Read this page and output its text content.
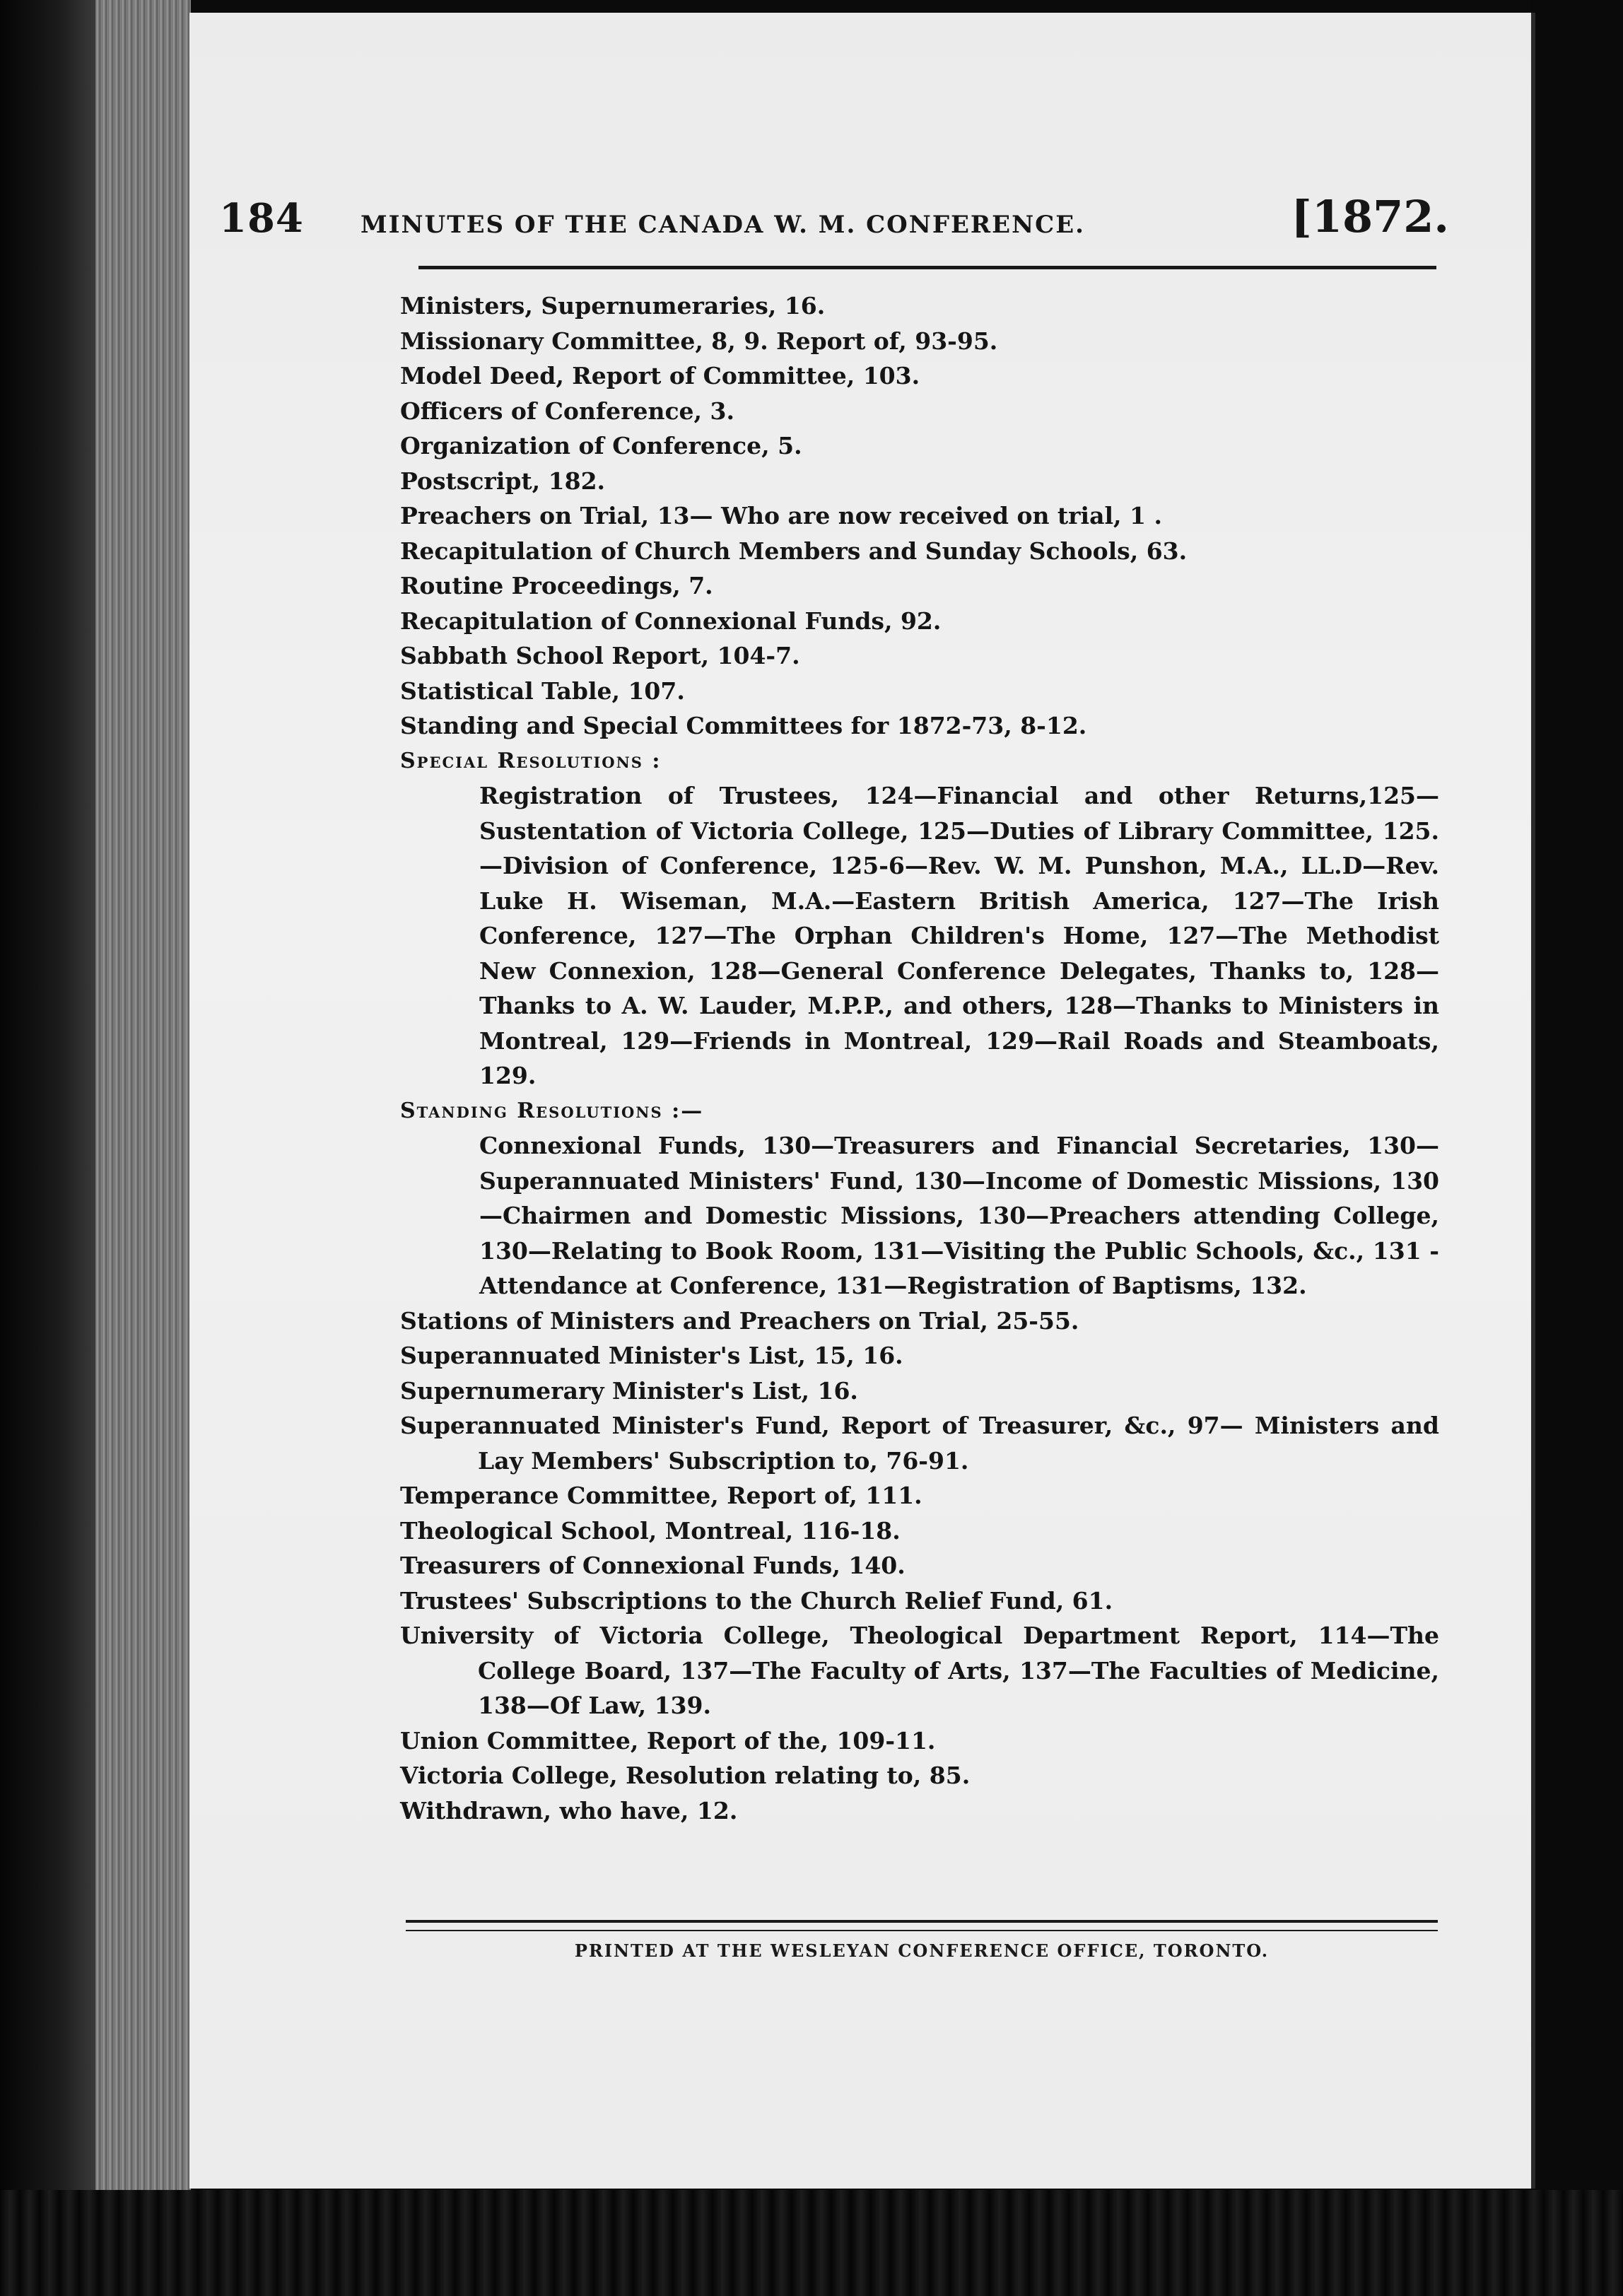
184 MINUTES OF THE CANADA W. M. CONFERENCE.	[1872.

Ministers, Supernumeraries, 16.

Missionary Committee, 8, 9. Report of, 93-95.

Model Deed, Report of Committee, 103.

Officers of Conference, 3.

Organization of Conference, 5.

Postscript, 182.

Preachers on Trial, 13— Who are now received on trial, 1 .

Recapitulation of Church Members and Sunday Schools, 63.

Routine Proceedings, 7.

Recapitulation of Connexional Funds, 92.

Sabbath School Report, 104-7.

Statistical Table, 107.

Standing and Special Committees for 1872-73, 8-12.

Special Resolutions :

Registration of Trustees, 124—Financial and other Returns,125—Sustentation of Victoria College, 125—Duties of Library Committee, 125.—Division of Conference, 125-6—Rev. W. M. Punshon, M.A., LL.D—Rev. Luke H. Wiseman, M.A.—Eastern British America, 127—The Irish Conference, 127—The Orphan Children's Home, 127—The Methodist New Connexion, 128—General Conference Delegates, Thanks to, 128—Thanks to A. W. Lauder, M.P.P., and others, 128—Thanks to Ministers in Montreal, 129—Friends in Montreal, 129—Rail Roads and Steamboats, 129.

Standing Resolutions :—

Connexional Funds, 130—Treasurers and Financial Secretaries, 130—Superannuated Ministers' Fund, 130—Income of Domestic Missions, 130—Chairmen and Domestic Missions, 130—Preachers attending College, 130—Relating to Book Room, 131—Visiting the Public Schools, &c., 131 -Attendance at Conference, 131—Registration of Baptisms, 132.

Stations of Ministers and Preachers on Trial, 25-55.

Superannuated Minister's List, 15, 16.

Supernumerary Minister's List, 16.

Superannuated Minister's Fund, Report of Treasurer, &c., 97— Ministers and Lay Members' Subscription to, 76-91.

Temperance Committee, Report of, 111.

Theological School, Montreal, 116-18.

Treasurers of Connexional Funds, 140.

Trustees' Subscriptions to the Church Relief Fund, 61.

University of Victoria College, Theological Department Report, 114—The College Board, 137—The Faculty of Arts, 137—The Faculties of Medicine, 138—Of Law, 139.

Union Committee, Report of the, 109-11.

Victoria College, Resolution relating to, 85.

Withdrawn, who have, 12.

PRINTED AT THE WESLEYAN CONFERENCE OFFICE, TORONTO.
